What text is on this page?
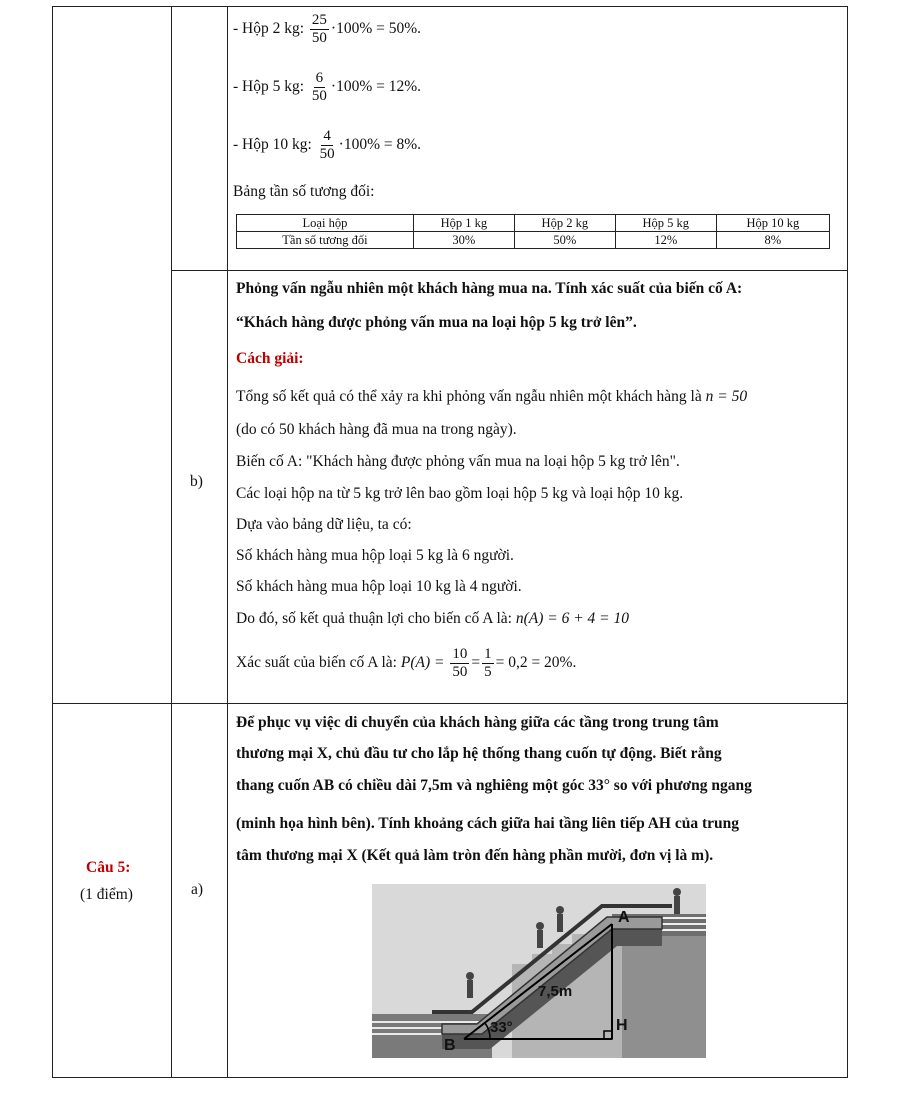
- Hộp 2 kg: $\frac{25}{50} \cdot 100\% = 50\%$.
- Hộp 5 kg: $\frac{6}{50} \cdot 100\% = 12\%$.
- Hộp 10 kg: $\frac{4}{50} \cdot 100\% = 8\%$.
Bảng tần số tương đối:
Loại hộp	Hộp 1 kg	Hộp 2 kg	Hộp 5 kg	Hộp 10 kg
Tần số tương đối	30%	50%	12%	8%
b)
Phỏng vấn ngẫu nhiên một khách hàng mua na. Tính xác suất của biến cố A:
“Khách hàng được phỏng vấn mua na loại hộp 5 kg trở lên”.
Cách giải:
Tổng số kết quả có thể xảy ra khi phỏng vấn ngẫu nhiên một khách hàng là n = 50
(do có 50 khách hàng đã mua na trong ngày).
Biến cố A: "Khách hàng được phỏng vấn mua na loại hộp 5 kg trở lên".
Các loại hộp na từ 5 kg trở lên bao gồm loại hộp 5 kg và loại hộp 10 kg.
Dựa vào bảng dữ liệu, ta có:
Số khách hàng mua hộp loại 5 kg là 6 người.
Số khách hàng mua hộp loại 10 kg là 4 người.
Do đó, số kết quả thuận lợi cho biến cố A là: n(A) = 6 + 4 = 10
Xác suất của biến cố A là: $P(A) = \frac{10}{50} = \frac{1}{5} = 0,2 = 20\%$.
Câu 5:
(1 điểm)	a)
Để phục vụ việc di chuyển của khách hàng giữa các tầng trong trung tâm
thương mại X, chủ đầu tư cho lắp hệ thống thang cuốn tự động. Biết rằng
thang cuốn AB có chiều dài 7,5m và nghiêng một góc 33° so với phương ngang
(minh họa hình bên). Tính khoảng cách giữa hai tầng liên tiếp AH của trung
tâm thương mại X (Kết quả làm tròn đến hàng phần mười, đơn vị là m).
A
B
H
7,5m
33°
